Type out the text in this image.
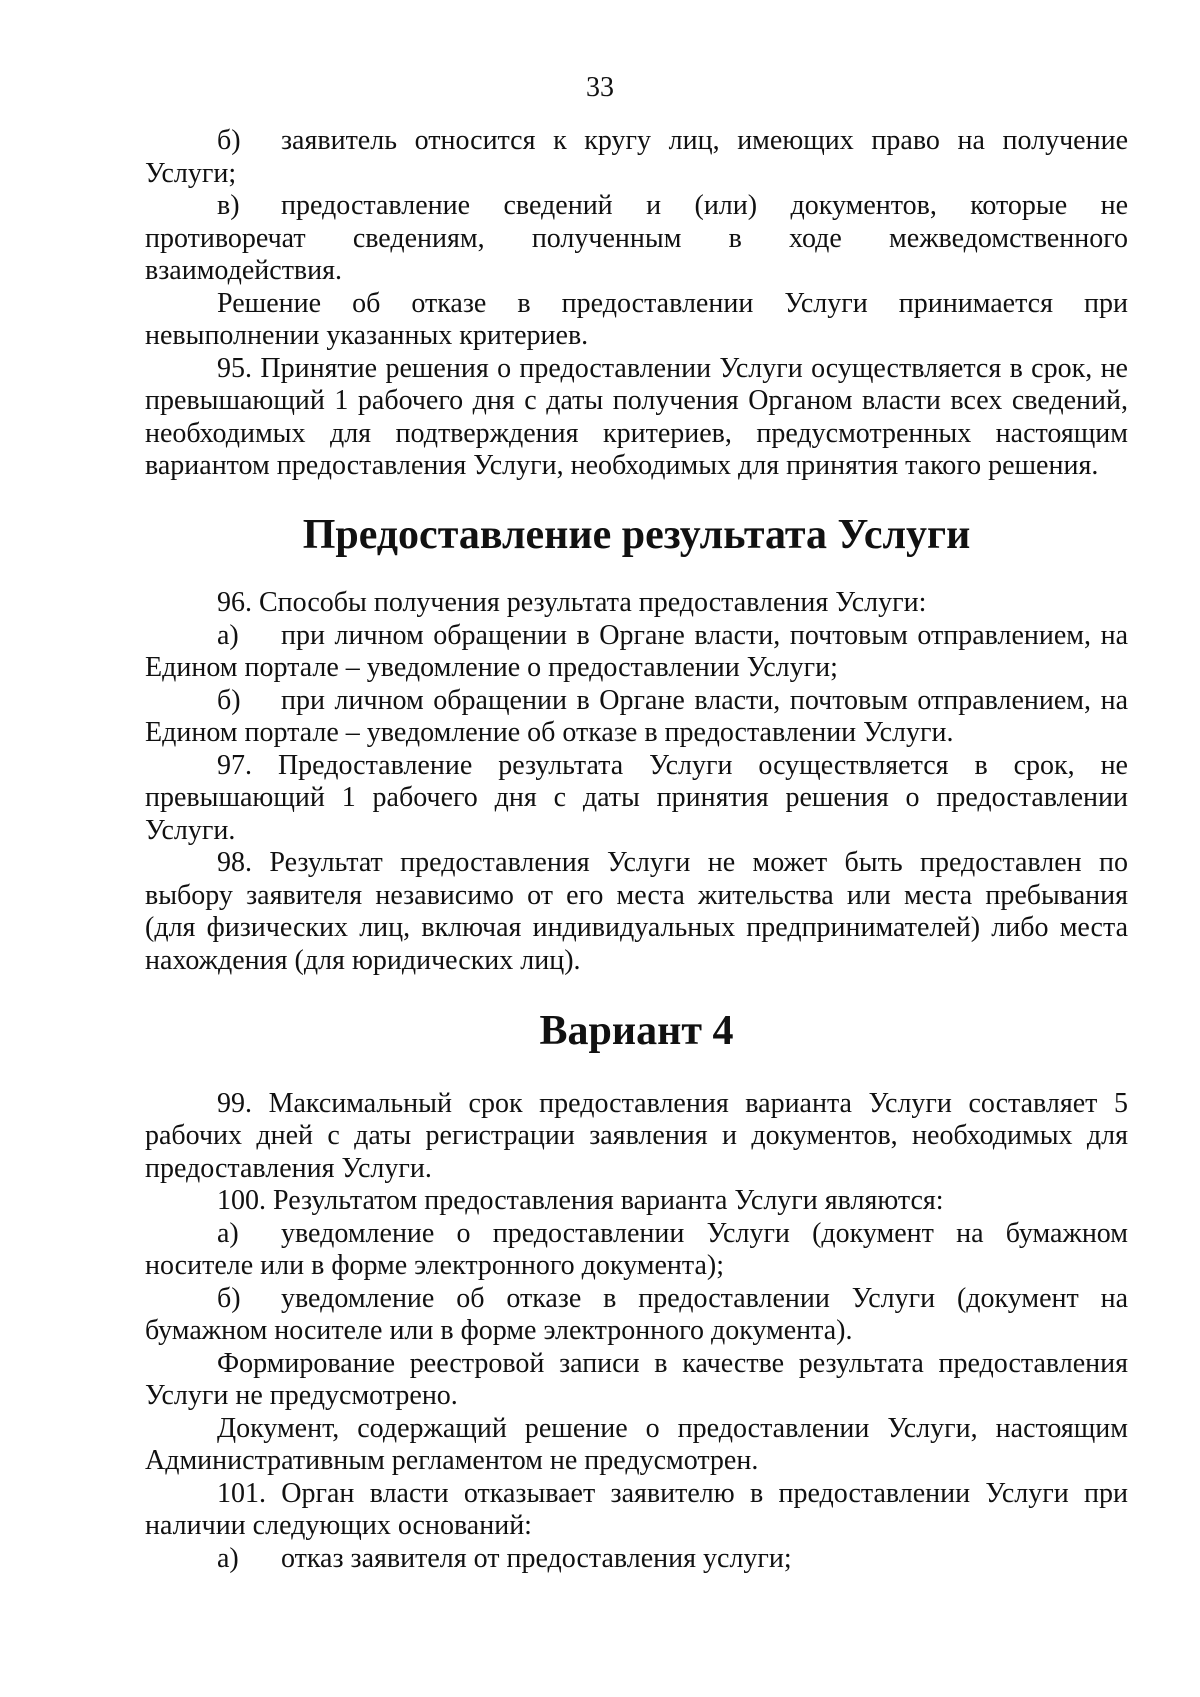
33

б) заявитель относится к кругу лиц, имеющих право на получение Услуги;

в) предоставление сведений и (или) документов, которые не противоречат сведениям, полученным в ходе межведомственного взаимодействия.

Решение об отказе в предоставлении Услуги принимается при невыполнении указанных критериев.

95. Принятие решения о предоставлении Услуги осуществляется в срок, не превышающий 1 рабочего дня с даты получения Органом власти всех сведений, необходимых для подтверждения критериев, предусмотренных настоящим вариантом предоставления Услуги, необходимых для принятия такого решения.

Предоставление результата Услуги

96. Способы получения результата предоставления Услуги:

а) при личном обращении в Органе власти, почтовым отправлением, на Едином портале – уведомление о предоставлении Услуги;

б) при личном обращении в Органе власти, почтовым отправлением, на Едином портале – уведомление об отказе в предоставлении Услуги.

97. Предоставление результата Услуги осуществляется в срок, не превышающий 1 рабочего дня с даты принятия решения о предоставлении Услуги.

98. Результат предоставления Услуги не может быть предоставлен по выбору заявителя независимо от его места жительства или места пребывания (для физических лиц, включая индивидуальных предпринимателей) либо места нахождения (для юридических лиц).

Вариант 4

99. Максимальный срок предоставления варианта Услуги составляет 5 рабочих дней с даты регистрации заявления и документов, необходимых для предоставления Услуги.

100. Результатом предоставления варианта Услуги являются:

а) уведомление о предоставлении Услуги (документ на бумажном носителе или в форме электронного документа);

б) уведомление об отказе в предоставлении Услуги (документ на бумажном носителе или в форме электронного документа).

Формирование реестровой записи в качестве результата предоставления Услуги не предусмотрено.

Документ, содержащий решение о предоставлении Услуги, настоящим Административным регламентом не предусмотрен.

101. Орган власти отказывает заявителю в предоставлении Услуги при наличии следующих оснований:

а) отказ заявителя от предоставления услуги;
